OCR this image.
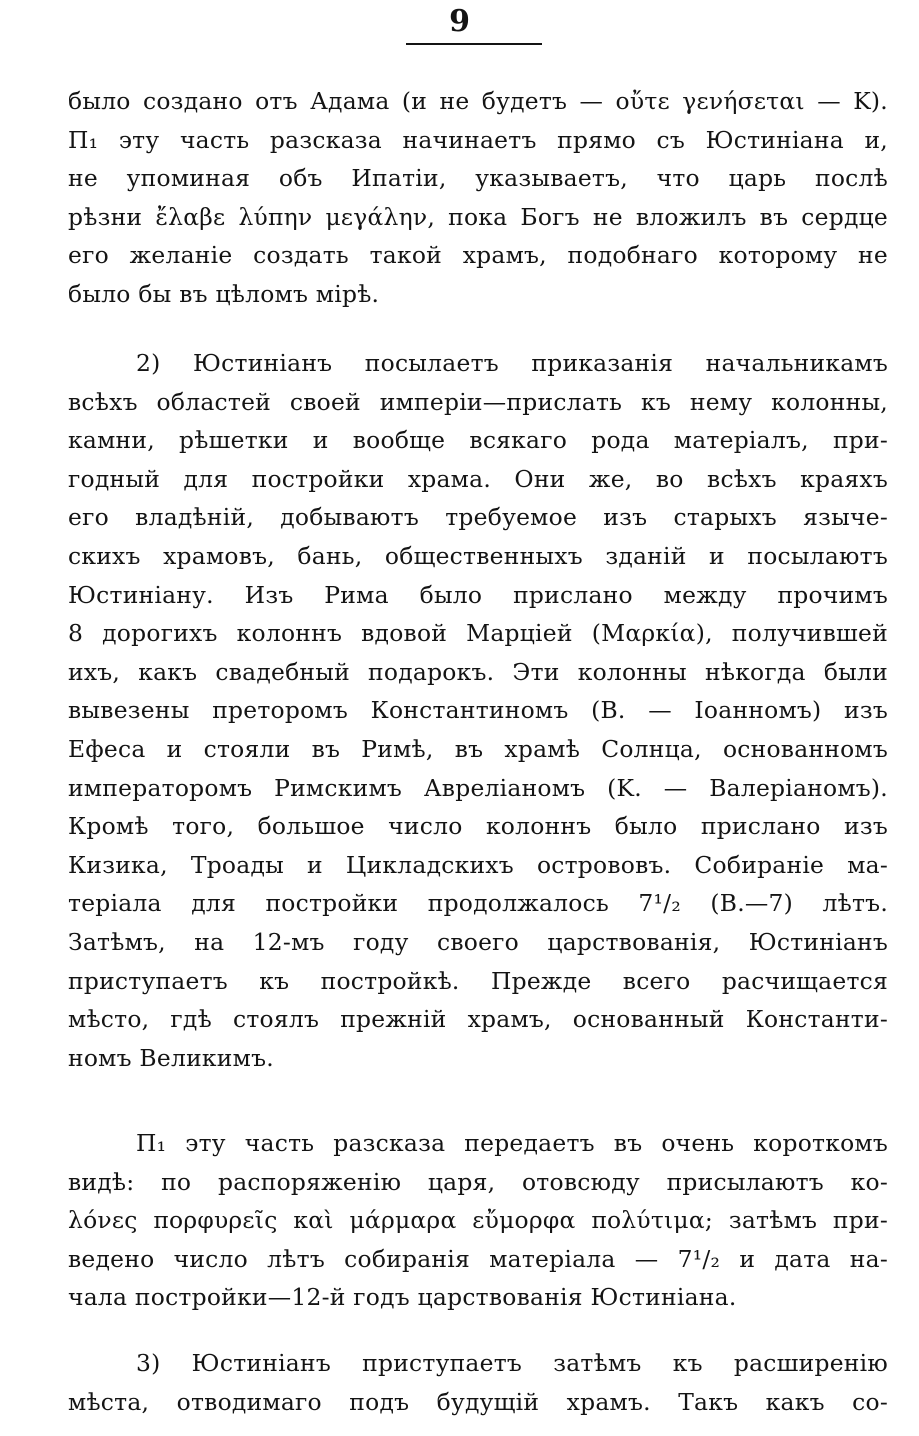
9
было создано отъ Адама (и не будетъ — οὔτε γενήσεται — K).
П₁ эту часть разсказа начинаетъ прямо съ Юстиніана и,
не упоминая объ Ипатіи, указываетъ, что царь послѣ
рѣзни ἔλαβε λύπην μεγάλην, пока Богъ не вложилъ въ сердце
его желаніе создать такой храмъ, подобнаго которому не
было бы въ цѣломъ мірѣ.
2) Юстиніанъ посылаетъ приказанія начальникамъ
всѣхъ областей своей имперіи—прислать къ нему колонны,
камни, рѣшетки и вообще всякаго рода матеріалъ, при-
годный для постройки храма. Они же, во всѣхъ краяхъ
его владѣній, добываютъ требуемое изъ старыхъ языче-
скихъ храмовъ, бань, общественныхъ зданій и посылаютъ
Юстиніану. Изъ Рима было прислано между прочимъ
8 дорогихъ колоннъ вдовой Марціей (Μαρκία), получившей
ихъ, какъ свадебный подарокъ. Эти колонны нѣкогда были
вывезены преторомъ Константиномъ (B. — Іоанномъ) изъ
Ефеса и стояли въ Римѣ, въ храмѣ Солнца, основанномъ
императоромъ Римскимъ Авреліаномъ (K. — Валеріаномъ).
Кромѣ того, большое число колоннъ было прислано изъ
Кизика, Троады и Цикладскихъ острововъ. Собираніе ма-
теріала для постройки продолжалось 7¹/₂ (B.—7) лѣтъ.
Затѣмъ, на 12-мъ году своего царствованія, Юстиніанъ
приступаетъ къ постройкѣ. Прежде всего расчищается
мѣсто, гдѣ стоялъ прежній храмъ, основанный Константи-
номъ Великимъ.
П₁ эту часть разсказа передаетъ въ очень короткомъ
видѣ: по распоряженію царя, отовсюду присылаютъ κο-
λόνες πορφυρεῖς καὶ μάρμαρα εὔμορφα πολύτιμα; затѣмъ при-
ведено число лѣтъ собиранія матеріала — 7¹/₂ и дата на-
чала постройки—12-й годъ царствованія Юстиніана.
3) Юстиніанъ приступаетъ затѣмъ къ расширенію
мѣста, отводимаго подъ будущій храмъ. Такъ какъ со-
